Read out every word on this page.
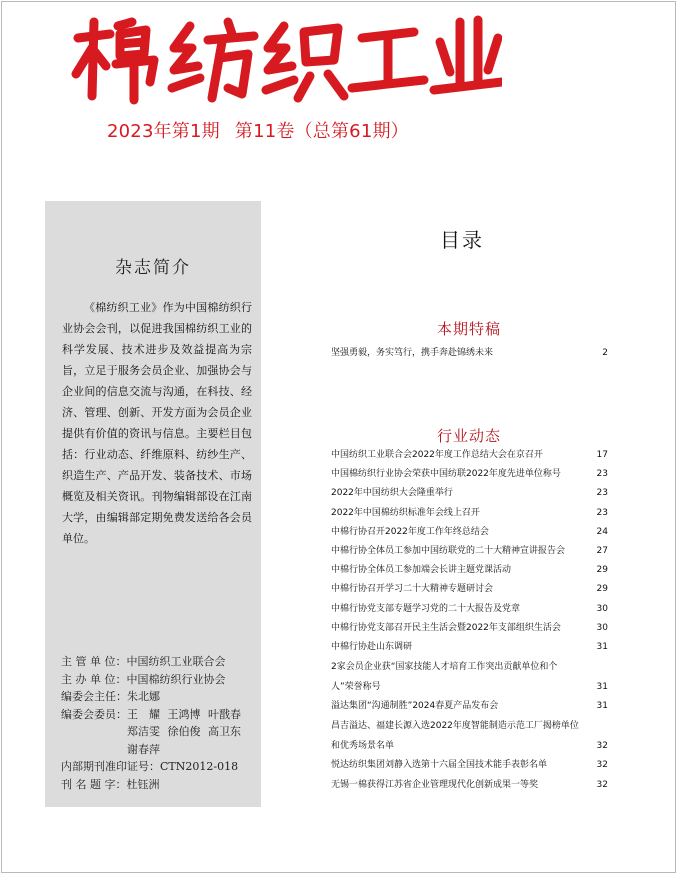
2023年第1期 第11卷（总第61期）
杂志简介
《棉纺织工业》作为中国棉纺织行业协会会刊，以促进我国棉纺织工业的科学发展、技术进步及效益提高为宗旨，立足于服务会员企业、加强协会与企业间的信息交流与沟通，在科技、经济、管理、创新、开发方面为会员企业提供有价值的资讯与信息。主要栏目包括：行业动态、纤维原料、纺纱生产、织造生产、产品开发、装备技术、市场概览及相关资讯。刊物编辑部设在江南大学，由编辑部定期免费发送给各会员单位。
主 管 单 位： 中国纺织工业联合会
主 办 单 位： 中国棉纺织行业协会
编委会主任： 朱北娜
编委会委员： 王　耀 王鸿博 叶戬春 郑洁雯 徐伯俊 高卫东 谢春萍
内部期刊准印证号： CTN2012-018
刊 名 题 字： 杜钰洲
目录
本期特稿
坚强勇毅，务实笃行，携手奔赴锦绣未来	2
行业动态
中国纺织工业联合会2022年度工作总结大会在京召开	17
中国棉纺织行业协会荣获中国纺联2022年度先进单位称号	23
2022年中国纺织大会隆重举行	23
2022年中国棉纺织标准年会线上召开	23
中棉行协召开2022年度工作年终总结会	24
中棉行协全体员工参加中国纺联党的二十大精神宣讲报告会	27
中棉行协全体员工参加端会长讲主题党课活动	29
中棉行协召开学习二十大精神专题研讨会	29
中棉行协党支部专题学习党的二十大报告及党章	30
中棉行协党支部召开民主生活会暨2022年支部组织生活会	30
中棉行协赴山东调研	31
2家会员企业获“国家技能人才培育工作突出贡献单位和个人”荣誉称号	31
溢达集团“沟通制胜”2024春夏产品发布会	31
昌吉溢达、福建长源入选2022年度智能制造示范工厂揭榜单位和优秀场景名单	32
悦达纺织集团刘静入选第十六届全国技术能手表彰名单	32
无锡一棉获得江苏省企业管理现代化创新成果一等奖	32
